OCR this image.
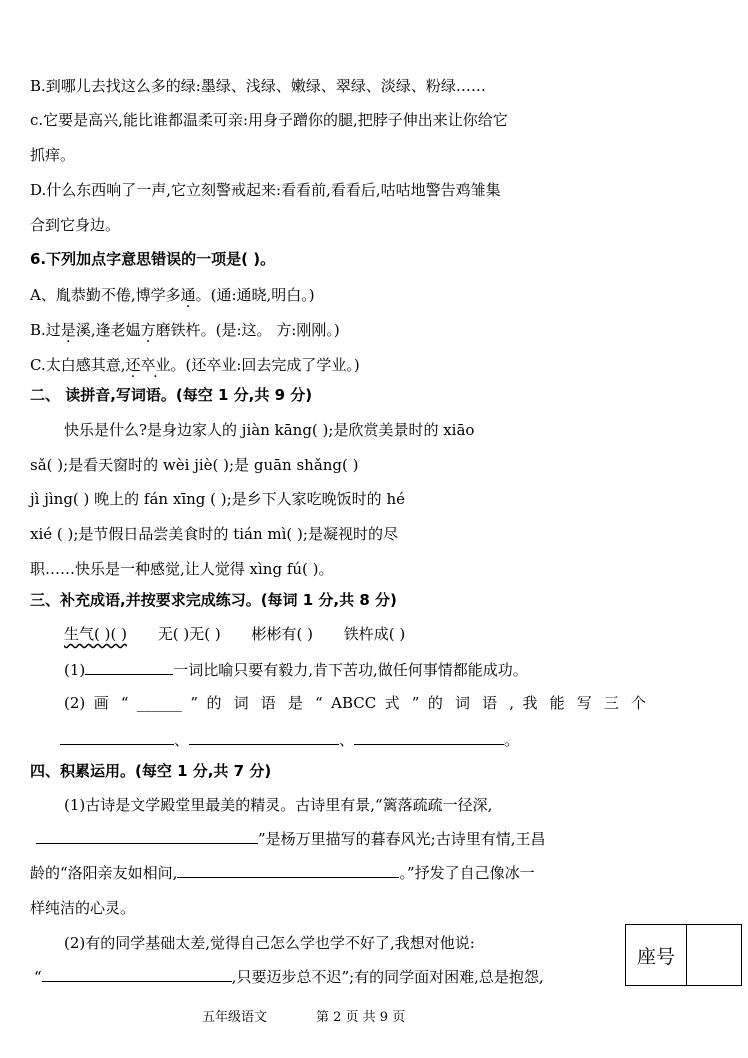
B.到哪儿去找这么多的绿:墨绿、浅绿、嫩绿、翠绿、淡绿、粉绿……
c.它要是高兴,能比谁都温柔可亲:用身子蹭你的腿,把脖子伸出来让你给它
抓痒。
D.什么东西响了一声,它立刻警戒起来:看看前,看看后,咕咕地警告鸡雏集
合到它身边。
6.下列加点字意思错误的一项是( )。
A、胤恭勤不倦,博学多通。(通:通晓,明白。)
B.过是溪,逢老媪方磨铁杵。(是:这。 方:刚刚。)
C.太白感其意,还卒业。(还卒业:回去完成了学业。)
二、 读拼音,写词语。(每空 1 分,共 9 分)
快乐是什么?是身边家人的 jiàn kāng( );是欣赏美景时的 xiāo
sǎ( );是看天窗时的 wèi jiè( );是 guān shǎng( )
jì jìng( ) 晚上的 fán xīng ( );是乡下人家吃晚饭时的 hé
xié ( );是节假日品尝美食时的 tián mì( );是凝视时的尽
职……快乐是一种感觉,让人觉得 xìng fú( )。
三、补充成语,并按要求完成练习。(每词 1 分,共 8 分)
生气( )( ) 无( )无( ) 彬彬有( ) 铁杵成( )
(1)	一词比喻只要有毅力,肯下苦功,做任何事情都能成功。
(2) 画 “ ______ ” 的 词 语 是 “ ABCC 式 ” 的 词 语 , 我 能 写 三 个
、	、	。
四、积累运用。(每空 1 分,共 7 分)
(1)古诗是文学殿堂里最美的精灵。古诗里有景,“篱落疏疏一径深,
”是杨万里描写的暮春风光;古诗里有情,王昌
龄的“洛阳亲友如相问,	。”抒发了自己像冰一
样纯洁的心灵。
(2)有的同学基础太差,觉得自己怎么学也学不好了,我想对他说:
“	,只要迈步总不迟”;有的同学面对困难,总是抱怨,
座号
五年级语文	第 2 页 共 9 页
